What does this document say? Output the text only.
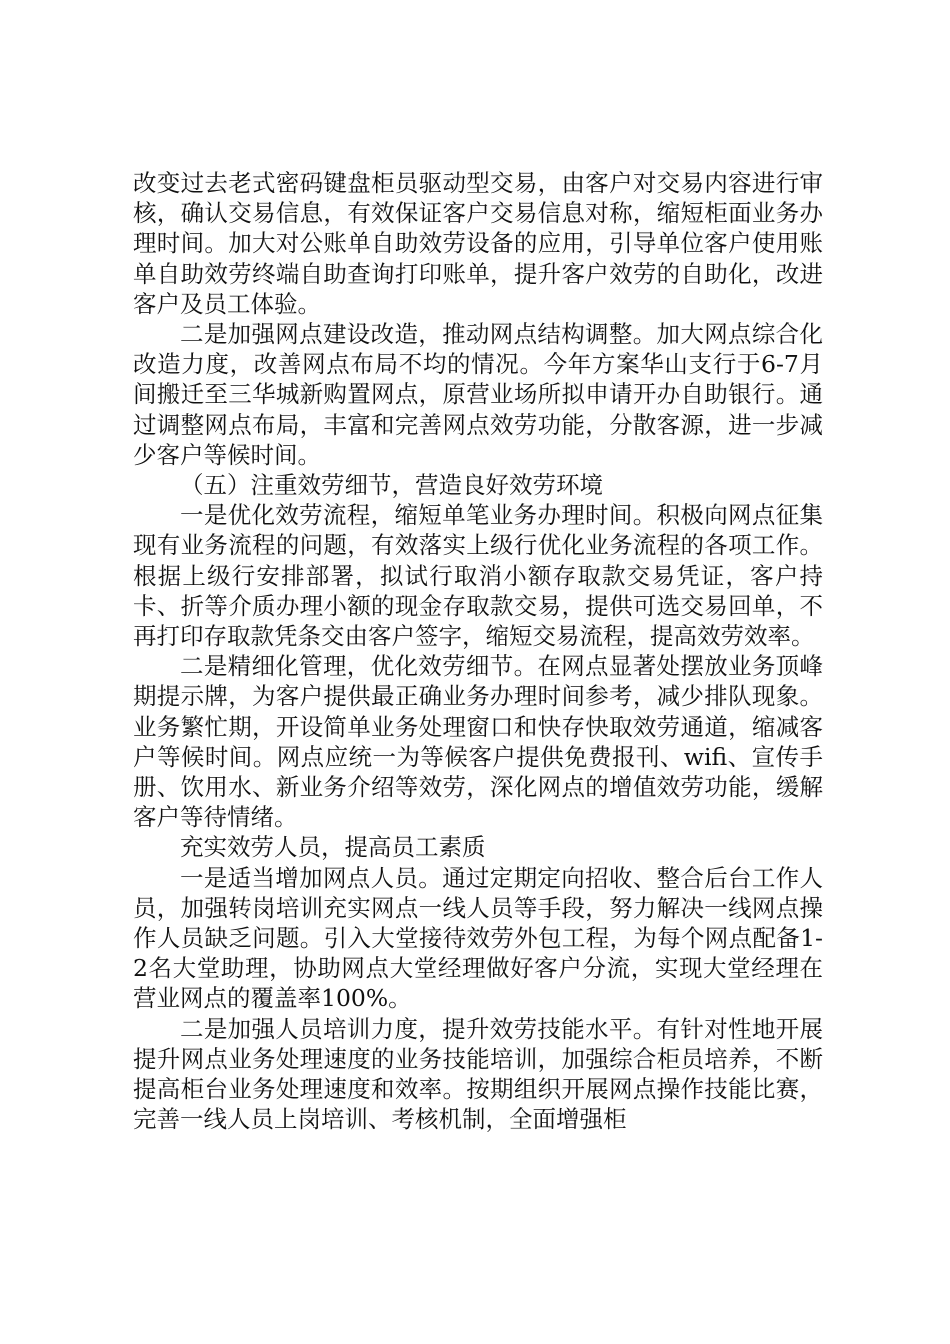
改变过去老式密码键盘柜员驱动型交易，由客户对交易内容进行审核，确认交易信息，有效保证客户交易信息对称，缩短柜面业务办理时间。加大对公账单自助效劳设备的应用，引导单位客户使用账单自助效劳终端自助查询打印账单，提升客户效劳的自助化，改进客户及员工体验。

二是加强网点建设改造，推动网点结构调整。加大网点综合化改造力度，改善网点布局不均的情况。今年方案华山支行于6-7月间搬迁至三华城新购置网点，原营业场所拟申请开办自助银行。通过调整网点布局，丰富和完善网点效劳功能，分散客源，进一步减少客户等候时间。

（五）注重效劳细节，营造良好效劳环境

一是优化效劳流程，缩短单笔业务办理时间。积极向网点征集现有业务流程的问题，有效落实上级行优化业务流程的各项工作。根据上级行安排部署，拟试行取消小额存取款交易凭证，客户持卡、折等介质办理小额的现金存取款交易，提供可选交易回单，不再打印存取款凭条交由客户签字，缩短交易流程，提高效劳效率。

二是精细化管理，优化效劳细节。在网点显著处摆放业务顶峰期提示牌，为客户提供最正确业务办理时间参考，减少排队现象。业务繁忙期，开设简单业务处理窗口和快存快取效劳通道，缩减客户等候时间。网点应统一为等候客户提供免费报刊、wifi、宣传手册、饮用水、新业务介绍等效劳，深化网点的增值效劳功能，缓解客户等待情绪。

充实效劳人员，提高员工素质

一是适当增加网点人员。通过定期定向招收、整合后台工作人员，加强转岗培训充实网点一线人员等手段，努力解决一线网点操作人员缺乏问题。引入大堂接待效劳外包工程，为每个网点配备1-2名大堂助理，协助网点大堂经理做好客户分流，实现大堂经理在营业网点的覆盖率100%。

二是加强人员培训力度，提升效劳技能水平。有针对性地开展提升网点业务处理速度的业务技能培训，加强综合柜员培养，不断提高柜台业务处理速度和效率。按期组织开展网点操作技能比赛，完善一线人员上岗培训、考核机制，全面增强柜
